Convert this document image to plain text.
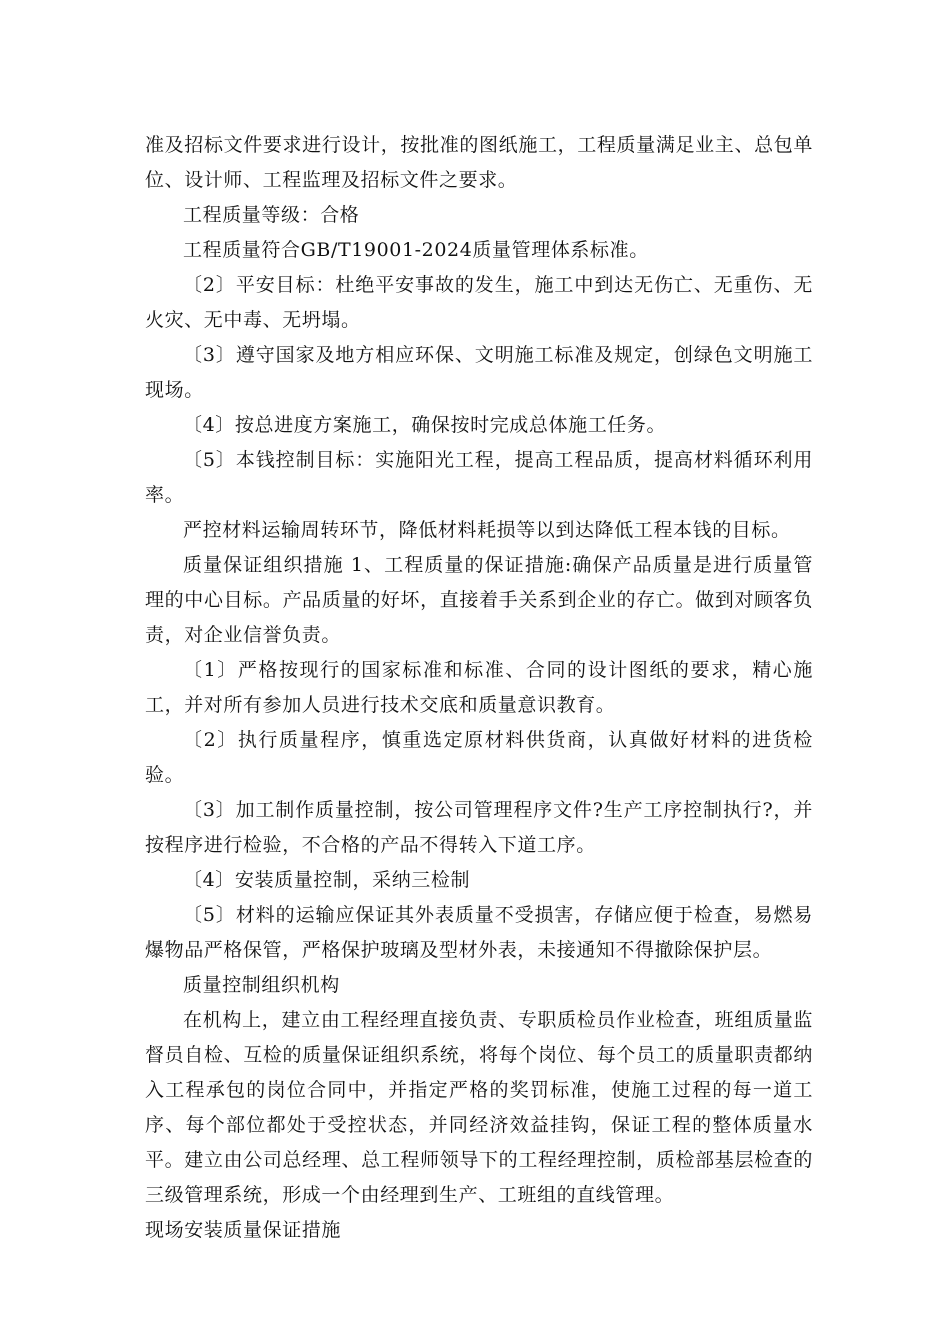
准及招标文件要求进行设计，按批准的图纸施工，工程质量满足业主、总包单位、设计师、工程监理及招标文件之要求。

工程质量等级：合格

工程质量符合GB/T19001-2024质量管理体系标准。

〔2〕平安目标：杜绝平安事故的发生，施工中到达无伤亡、无重伤、无火灾、无中毒、无坍塌。

〔3〕遵守国家及地方相应环保、文明施工标准及规定，创绿色文明施工现场。

〔4〕按总进度方案施工，确保按时完成总体施工任务。

〔5〕本钱控制目标：实施阳光工程，提高工程品质，提高材料循环利用率。

严控材料运输周转环节，降低材料耗损等以到达降低工程本钱的目标。

质量保证组织措施 1、工程质量的保证措施:确保产品质量是进行质量管理的中心目标。产品质量的好坏，直接着手关系到企业的存亡。做到对顾客负责，对企业信誉负责。

〔1〕严格按现行的国家标准和标准、合同的设计图纸的要求，精心施工，并对所有参加人员进行技术交底和质量意识教育。

〔2〕执行质量程序，慎重选定原材料供货商，认真做好材料的进货检验。

〔3〕加工制作质量控制，按公司管理程序文件?生产工序控制执行?，并按程序进行检验，不合格的产品不得转入下道工序。

〔4〕安装质量控制，采纳三检制

〔5〕材料的运输应保证其外表质量不受损害，存储应便于检查，易燃易爆物品严格保管，严格保护玻璃及型材外表，未接通知不得撤除保护层。

质量控制组织机构

在机构上，建立由工程经理直接负责、专职质检员作业检查，班组质量监督员自检、互检的质量保证组织系统，将每个岗位、每个员工的质量职责都纳入工程承包的岗位合同中，并指定严格的奖罚标准，使施工过程的每一道工序、每个部位都处于受控状态，并同经济效益挂钩，保证工程的整体质量水平。建立由公司总经理、总工程师领导下的工程经理控制，质检部基层检查的三级管理系统，形成一个由经理到生产、工班组的直线管理。

现场安装质量保证措施
